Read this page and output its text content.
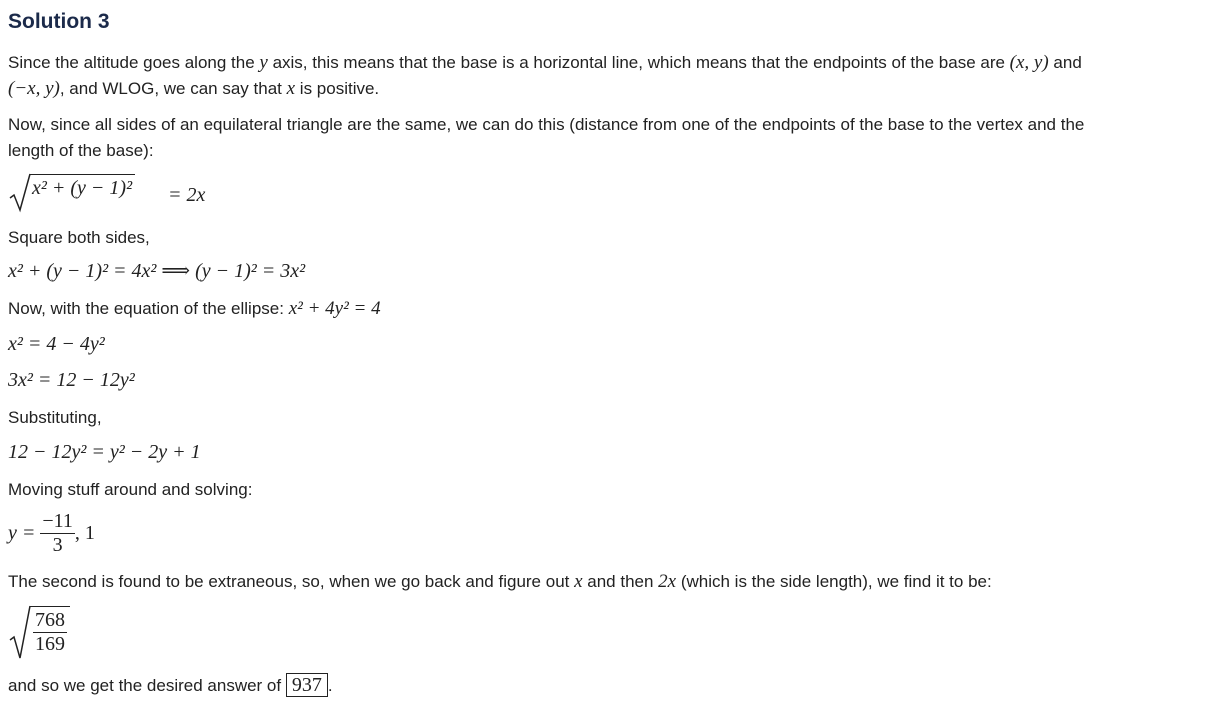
Solution 3
Since the altitude goes along the y axis, this means that the base is a horizontal line, which means that the endpoints of the base are (x, y) and
(−x, y), and WLOG, we can say that x is positive.
Now, since all sides of an equilateral triangle are the same, we can do this (distance from one of the endpoints of the base to the vertex and the
length of the base):
x² + (y − 1)² = 2x
Square both sides,
x² + (y − 1)² = 4x² ⟹ (y − 1)² = 3x²
Now, with the equation of the ellipse: x² + 4y² = 4
x² = 4 − 4y²
3x² = 12 − 12y²
Substituting,
12 − 12y² = y² − 2y + 1
Moving stuff around and solving:
$y = \frac{-11}{3}$ , 1
The second is found to be extraneous, so, when we go back and figure out x and then 2x (which is the side length), we find it to be:
$\frac{768}{169}$
and so we get the desired answer of 937 .
